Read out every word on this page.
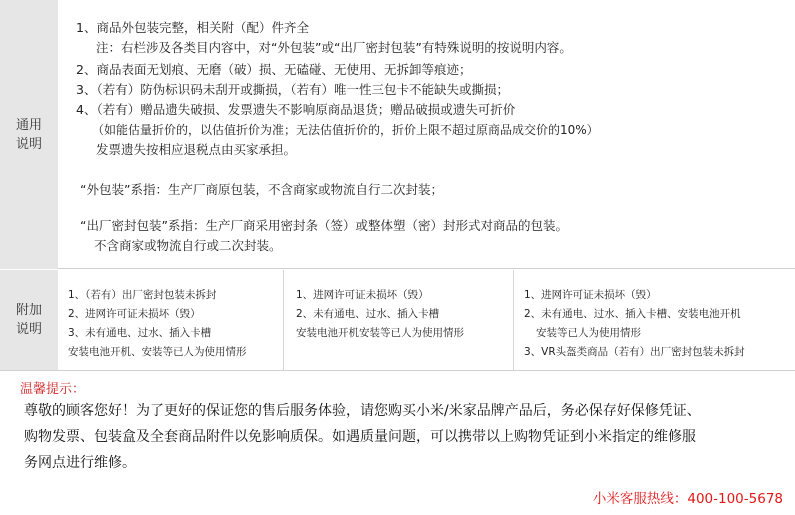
通用
说明
1、商品外包装完整，相关附（配）件齐全
注：右栏涉及各类目内容中，对“外包装”或“出厂密封包装”有特殊说明的按说明内容。
2、商品表面无划痕、无磨（破）损、无磕碰、无使用、无拆卸等痕迹；
3、（若有）防伪标识码未刮开或撕损，（若有）唯一性三包卡不能缺失或撕损；
4、（若有）赠品遗失破损、发票遗失不影响原商品退货；赠品破损或遗失可折价
（如能估量折价的，以估值折价为准；无法估值折价的，折价上限不超过原商品成交价的10%）
发票遗失按相应退税点由买家承担。
“外包装”系指：生产厂商原包装，不含商家或物流自行二次封装；
“出厂密封包装”系指：生产厂商采用密封条（签）或整体塑（密）封形式对商品的包装。
不含商家或物流自行或二次封装。
附加
说明
1、（若有）出厂密封包装未拆封
2、进网许可证未损坏（毁）
3、未有通电、过水、插入卡槽
安装电池开机、安装等已人为使用情形
1、进网许可证未损坏（毁）
2、未有通电、过水、插入卡槽
安装电池开机安装等已人为使用情形
1、进网许可证未损坏（毁）
2、未有通电、过水、插入卡槽、安装电池开机
安装等已人为使用情形
3、VR头盔类商品（若有）出厂密封包装未拆封
温馨提示：
尊敬的顾客您好！为了更好的保证您的售后服务体验，请您购买小米/米家品牌产品后，务必保存好保修凭证、
购物发票、包装盒及全套商品附件以免影响质保。如遇质量问题，可以携带以上购物凭证到小米指定的维修服
务网点进行维修。
小米客服热线：400-100-5678
